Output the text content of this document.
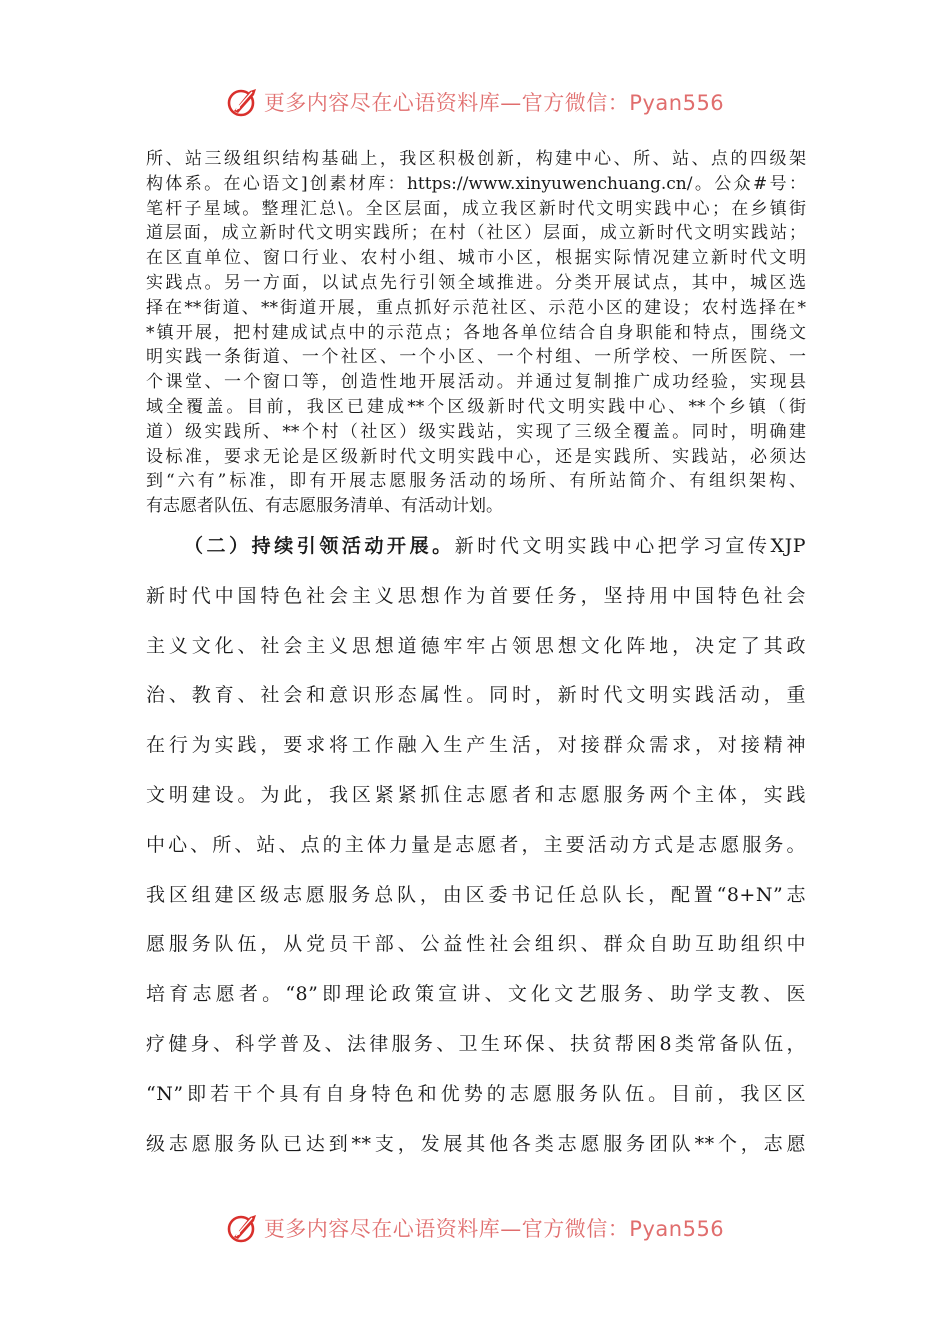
更多内容尽在心语资料库—官方微信：Pyan556
所、站三级组织结构基础上，我区积极创新，构建中心、所、站、点的四级架
构体系。在心语文]创素材库：https://www.xinyuwenchuang.cn/。公众#号：
笔杆子星域。整理汇总\。全区层面，成立我区新时代文明实践中心；在乡镇街
道层面，成立新时代文明实践所；在村（社区）层面，成立新时代文明实践站；
在区直单位、窗口行业、农村小组、城市小区，根据实际情况建立新时代文明
实践点。另一方面，以试点先行引领全域推进。分类开展试点，其中，城区选
择在**街道、**街道开展，重点抓好示范社区、示范小区的建设；农村选择在*
*镇开展，把村建成试点中的示范点；各地各单位结合自身职能和特点，围绕文
明实践一条街道、一个社区、一个小区、一个村组、一所学校、一所医院、一
个课堂、一个窗口等，创造性地开展活动。并通过复制推广成功经验，实现县
域全覆盖。目前，我区已建成**个区级新时代文明实践中心、**个乡镇（街
道）级实践所、**个村（社区）级实践站，实现了三级全覆盖。同时，明确建
设标准，要求无论是区级新时代文明实践中心，还是实践所、实践站，必须达
到“六有”标准，即有开展志愿服务活动的场所、有所站简介、有组织架构、
有志愿者队伍、有志愿服务清单、有活动计划。
（二）持续引领活动开展。新时代文明实践中心把学习宣传XJP
新时代中国特色社会主义思想作为首要任务，坚持用中国特色社会
主义文化、社会主义思想道德牢牢占领思想文化阵地，决定了其政
治、教育、社会和意识形态属性。同时，新时代文明实践活动，重
在行为实践，要求将工作融入生产生活，对接群众需求，对接精神
文明建设。为此，我区紧紧抓住志愿者和志愿服务两个主体，实践
中心、所、站、点的主体力量是志愿者，主要活动方式是志愿服务。
我区组建区级志愿服务总队，由区委书记任总队长，配置“8+N”志
愿服务队伍，从党员干部、公益性社会组织、群众自助互助组织中
培育志愿者。“8”即理论政策宣讲、文化文艺服务、助学支教、医
疗健身、科学普及、法律服务、卫生环保、扶贫帮困8类常备队伍，
“N”即若干个具有自身特色和优势的志愿服务队伍。目前，我区区
级志愿服务队已达到**支，发展其他各类志愿服务团队**个，志愿
更多内容尽在心语资料库—官方微信：Pyan556
